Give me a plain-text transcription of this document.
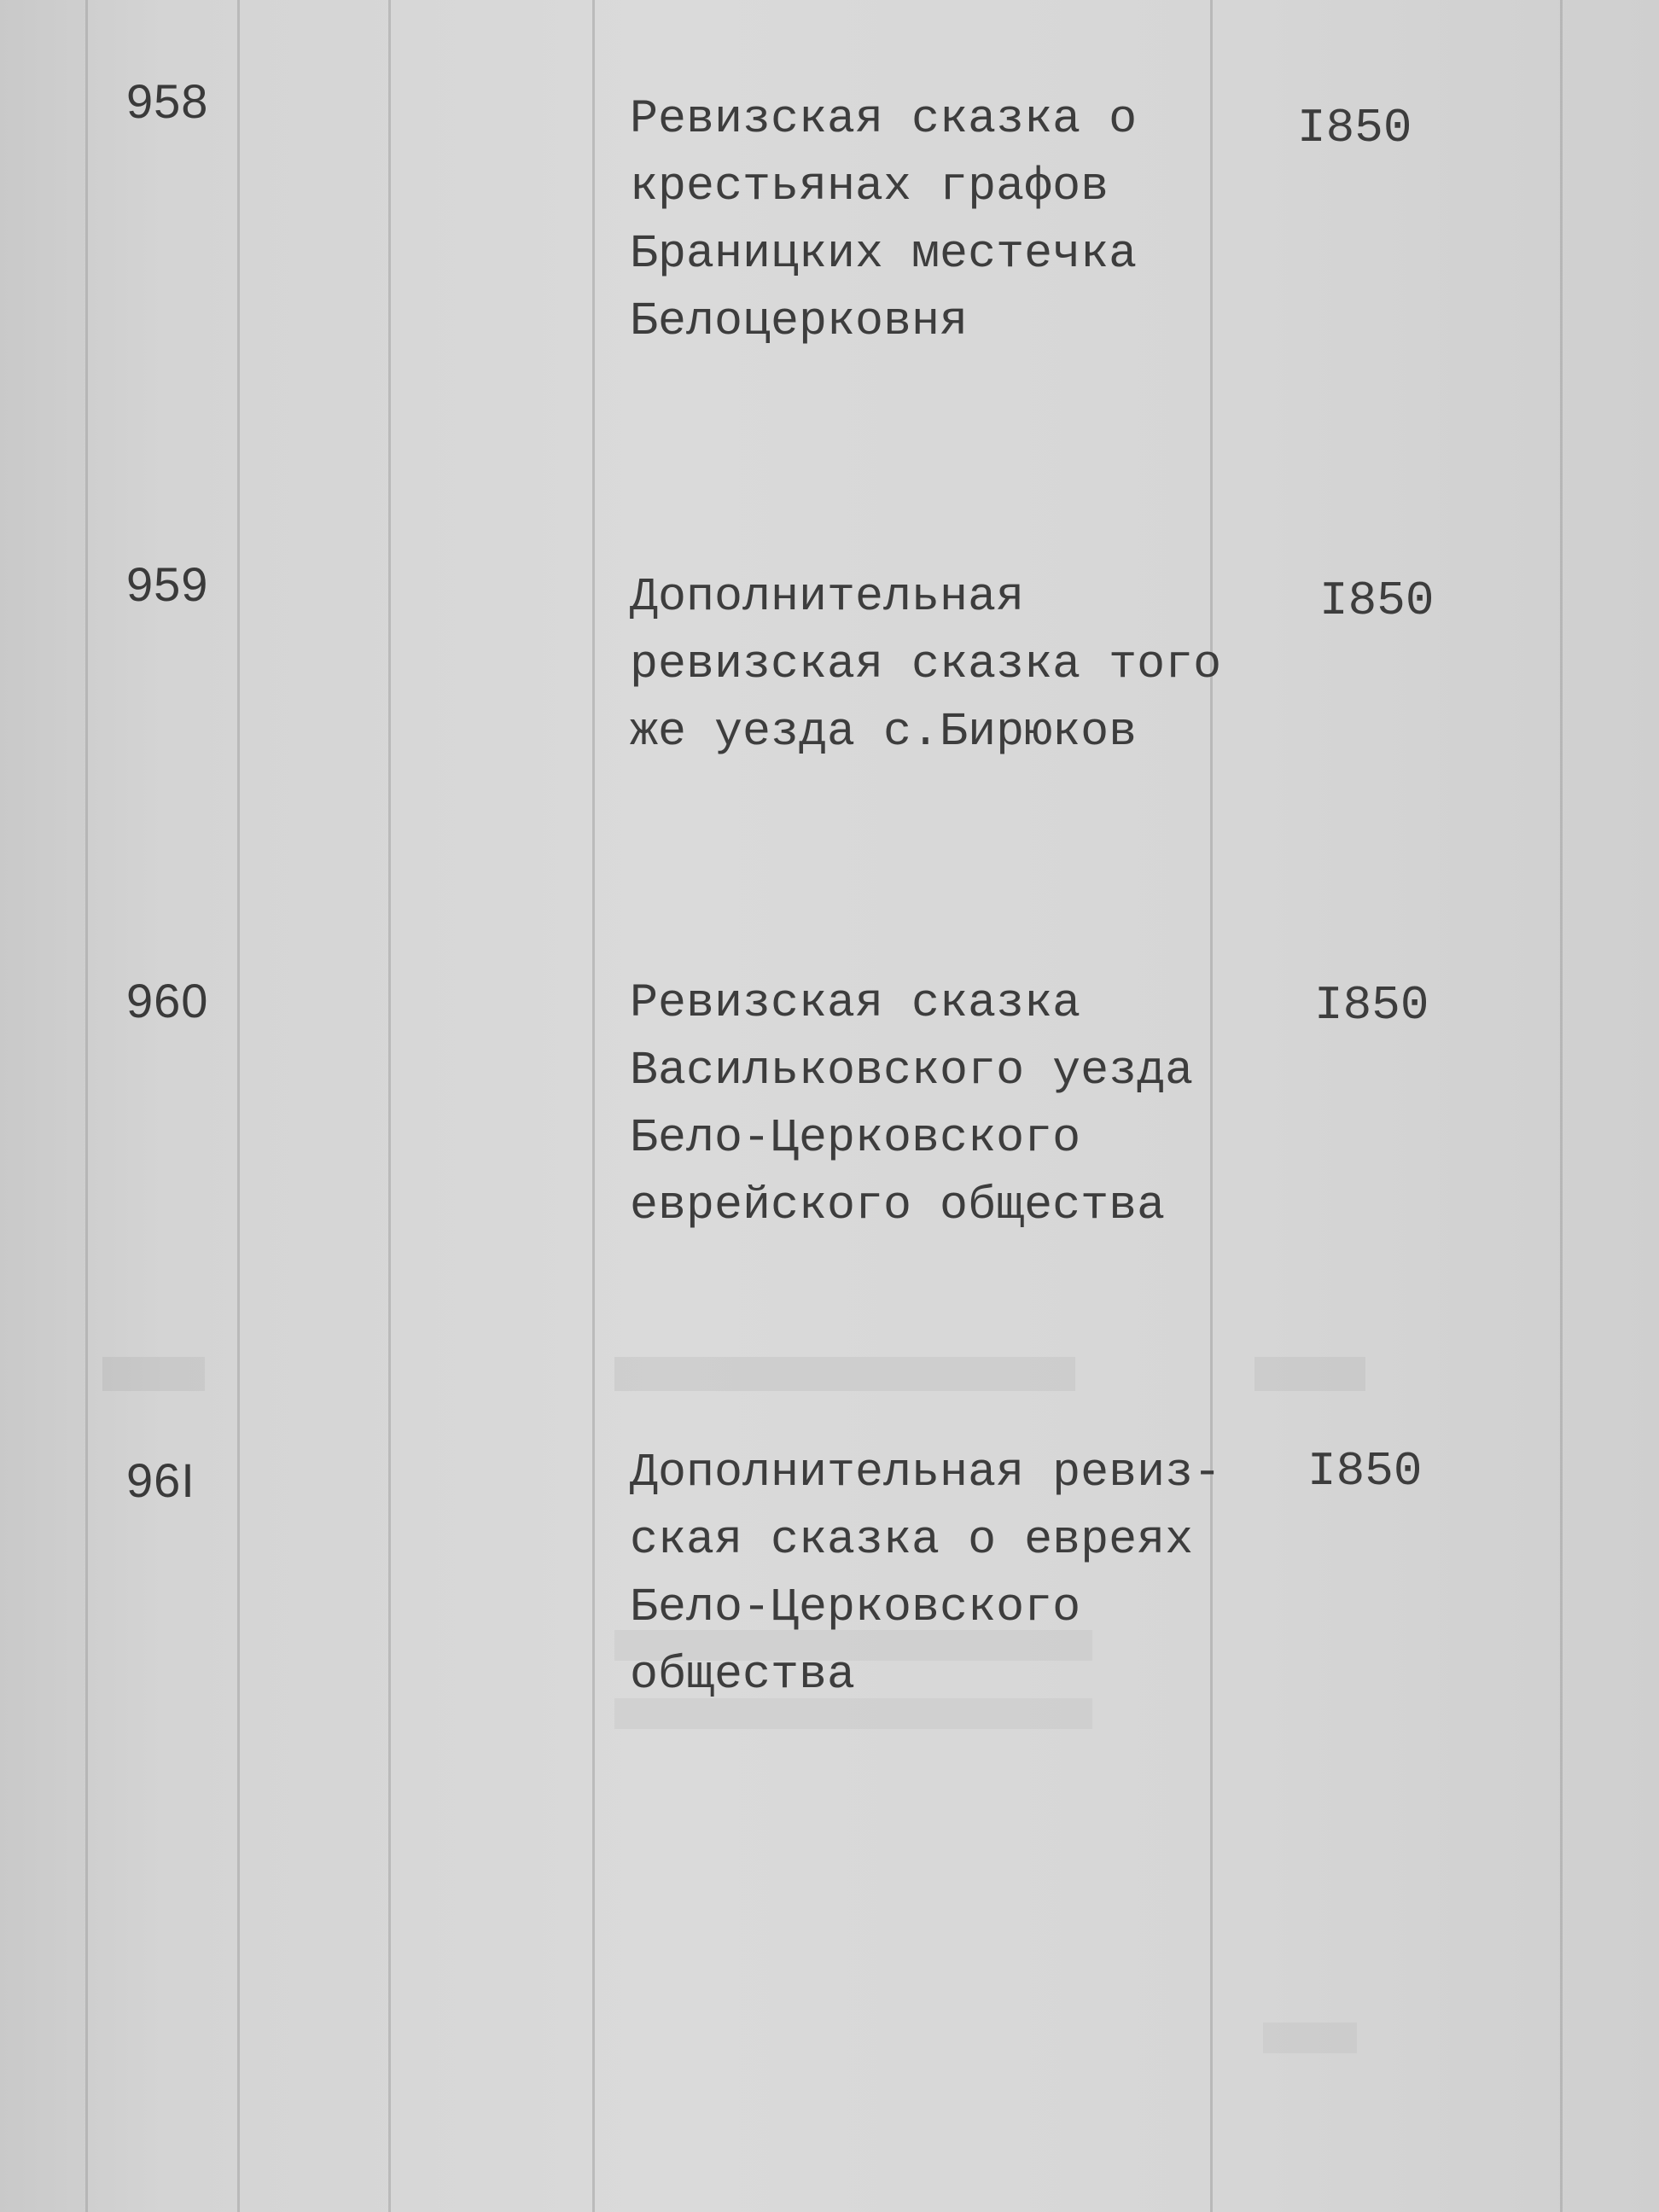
958	Ревизская сказка о
крестьянах графов
Браницких местечка
Белоцерковня
I850
959	Дополнительная
ревизская сказка того
же уезда с.Бирюков
I850
960	Ревизская сказка
Васильковского уезда
Бело-Церковского
еврейского общества
I850
96I	Дополнительная ревиз-
ская сказка о евреях
Бело-Церковского
общества
I850
